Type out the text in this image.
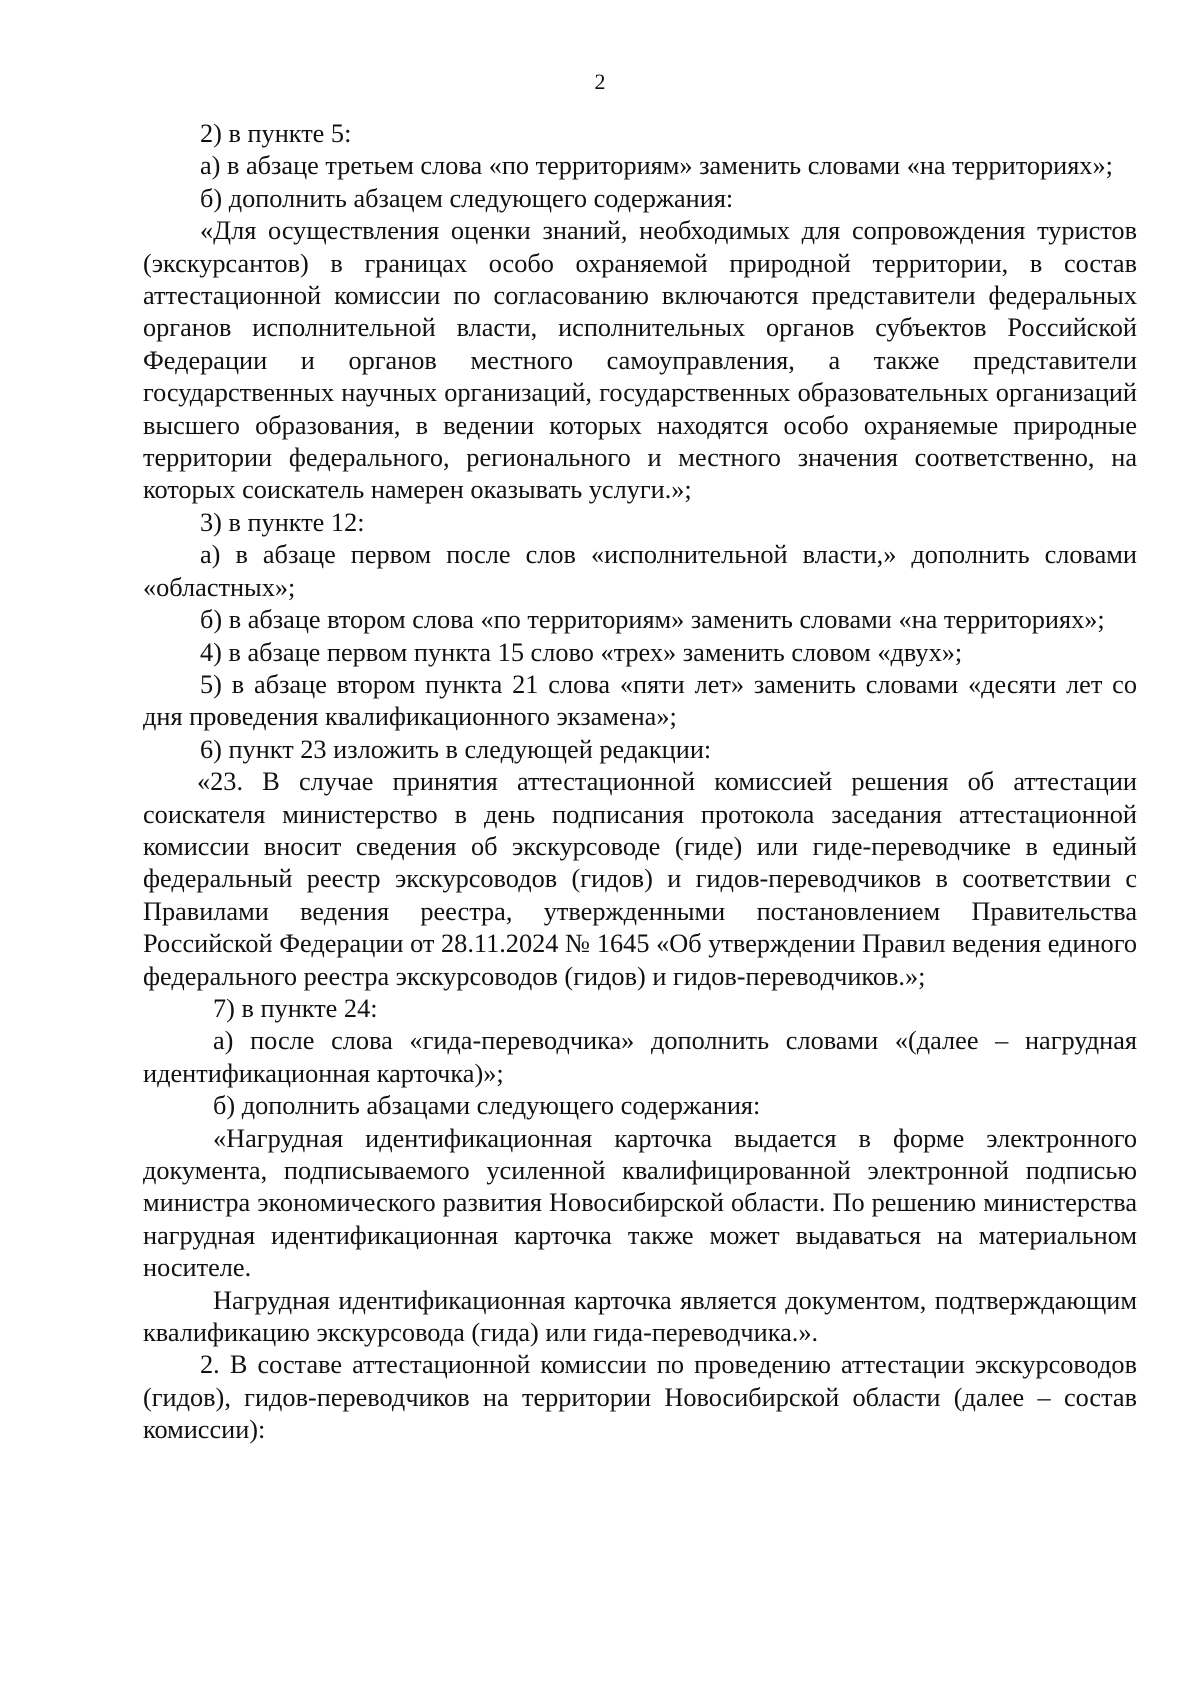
2

2) в пункте 5:

а) в абзаце третьем слова «по территориям» заменить словами «на территориях»;

б) дополнить абзацем следующего содержания:

«Для осуществления оценки знаний, необходимых для сопровождения туристов (экскурсантов) в границах особо охраняемой природной территории, в состав аттестационной комиссии по согласованию включаются представители федеральных органов исполнительной власти, исполнительных органов субъектов Российской Федерации и органов местного самоуправления, а также представители государственных научных организаций, государственных образовательных организаций высшего образования, в ведении которых находятся особо охраняемые природные территории федерального, регионального и местного значения соответственно, на которых соискатель намерен оказывать услуги.»;

3) в пункте 12:

а) в абзаце первом после слов «исполнительной власти,» дополнить словами «областных»;

б) в абзаце втором слова «по территориям» заменить словами «на территориях»;

4) в абзаце первом пункта 15 слово «трех» заменить словом «двух»;

5) в абзаце втором пункта 21 слова «пяти лет» заменить словами «десяти лет со дня проведения квалификационного экзамена»;

6) пункт 23 изложить в следующей редакции:

«23. В случае принятия аттестационной комиссией решения об аттестации соискателя министерство в день подписания протокола заседания аттестационной комиссии вносит сведения об экскурсоводе (гиде) или гиде-переводчике в единый федеральный реестр экскурсоводов (гидов) и гидов-переводчиков в соответствии с Правилами ведения реестра, утвержденными постановлением Правительства Российской Федерации от 28.11.2024 № 1645 «Об утверждении Правил ведения единого федерального реестра экскурсоводов (гидов) и гидов-переводчиков.»;

7) в пункте 24:

а) после слова «гида-переводчика» дополнить словами «(далее – нагрудная идентификационная карточка)»;

б) дополнить абзацами следующего содержания:

«Нагрудная идентификационная карточка выдается в форме электронного документа, подписываемого усиленной квалифицированной электронной подписью министра экономического развития Новосибирской области. По решению министерства нагрудная идентификационная карточка также может выдаваться на материальном носителе.

Нагрудная идентификационная карточка является документом, подтверждающим квалификацию экскурсовода (гида) или гида-переводчика.».

2. В составе аттестационной комиссии по проведению аттестации экскурсоводов (гидов), гидов-переводчиков на территории Новосибирской области (далее – состав комиссии):
